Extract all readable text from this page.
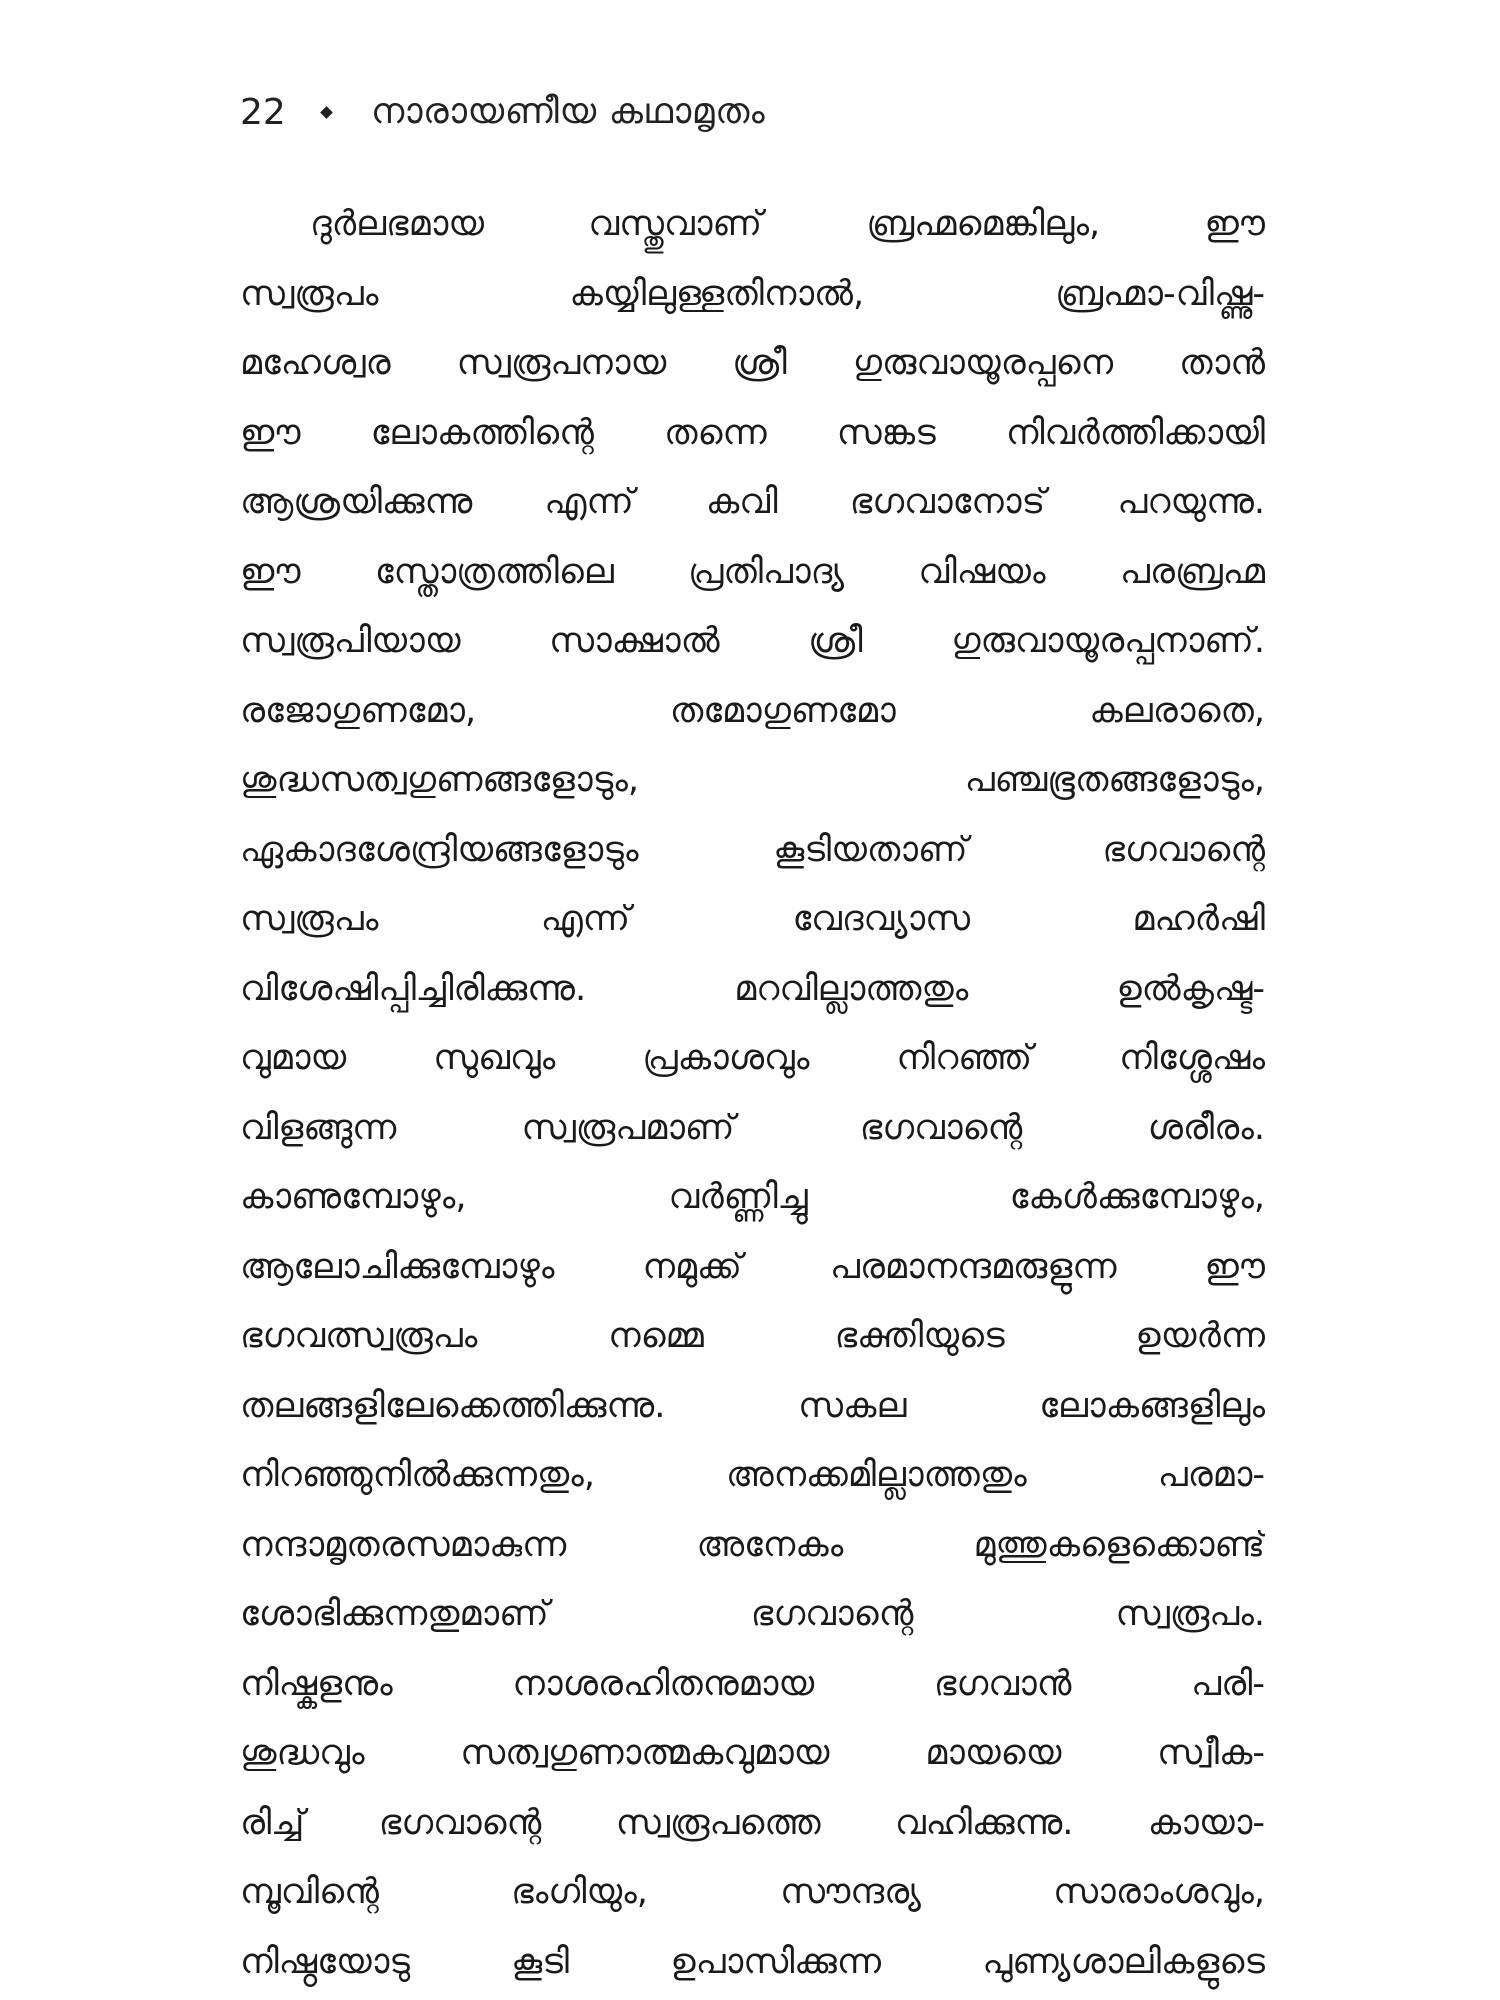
22 നാരായണീയ കഥാമൃതം
ദുർലഭമായ വസ്തുവാണ് ബ്രഹ്മമെങ്കിലും, ഈ
സ്വരൂപം കയ്യിലുള്ളതിനാൽ, ബ്രഹ്മാ-വിഷ്ണു-
മഹേശ്വര സ്വരൂപനായ ശ്രീ ഗുരുവായൂരപ്പനെ താൻ
ഈ ലോകത്തിന്റെ തന്നെ സങ്കട നിവർത്തിക്കായി
ആശ്രയിക്കുന്നു എന്ന് കവി ഭഗവാനോട് പറയുന്നു.
ഈ സ്തോത്രത്തിലെ പ്രതിപാദ്യ വിഷയം പരബ്രഹ്മ
സ്വരൂപിയായ സാക്ഷാൽ ശ്രീ ഗുരുവായൂരപ്പനാണ്.
രജോഗുണമോ, തമോഗുണമോ കലരാതെ,
ശുദ്ധസത്വഗുണങ്ങളോടും, പഞ്ചഭൂതങ്ങളോടും,
ഏകാദശേന്ദ്രിയങ്ങളോടും കൂടിയതാണ് ഭഗവാന്റെ
സ്വരൂപം എന്ന് വേദവ്യാസ മഹർഷി
വിശേഷിപ്പിച്ചിരിക്കുന്നു. മറവില്ലാത്തതും ഉൽകൃഷ്ട-
വുമായ സുഖവും പ്രകാശവും നിറഞ്ഞ് നിശ്ശേഷം
വിളങ്ങുന്ന സ്വരൂപമാണ് ഭഗവാന്റെ ശരീരം.
കാണുമ്പോഴും, വർണ്ണിച്ചു കേൾക്കുമ്പോഴും,
ആലോചിക്കുമ്പോഴും നമുക്ക് പരമാനന്ദമരുളുന്ന ഈ
ഭഗവത്സ്വരൂപം നമ്മെ ഭക്തിയുടെ ഉയർന്ന
തലങ്ങളിലേക്കെത്തിക്കുന്നു. സകല ലോകങ്ങളിലും
നിറഞ്ഞുനിൽക്കുന്നതും, അനക്കമില്ലാത്തതും പരമാ-
നന്ദാമൃതരസമാകുന്ന അനേകം മുത്തുകളെക്കൊണ്ട്
ശോഭിക്കുന്നതുമാണ് ഭഗവാന്റെ സ്വരൂപം.
നിഷ്കളനും നാശരഹിതനുമായ ഭഗവാൻ പരി-
ശുദ്ധവും സത്വഗുണാത്മകവുമായ മായയെ സ്വീക-
രിച്ച് ഭഗവാന്റെ സ്വരൂപത്തെ വഹിക്കുന്നു. കായാ-
മ്പൂവിന്റെ ഭംഗിയും, സൗന്ദര്യ സാരാംശവും,
നിഷ്ഠയോടു കൂടി ഉപാസിക്കുന്ന പുണ്യശാലികളുടെ
